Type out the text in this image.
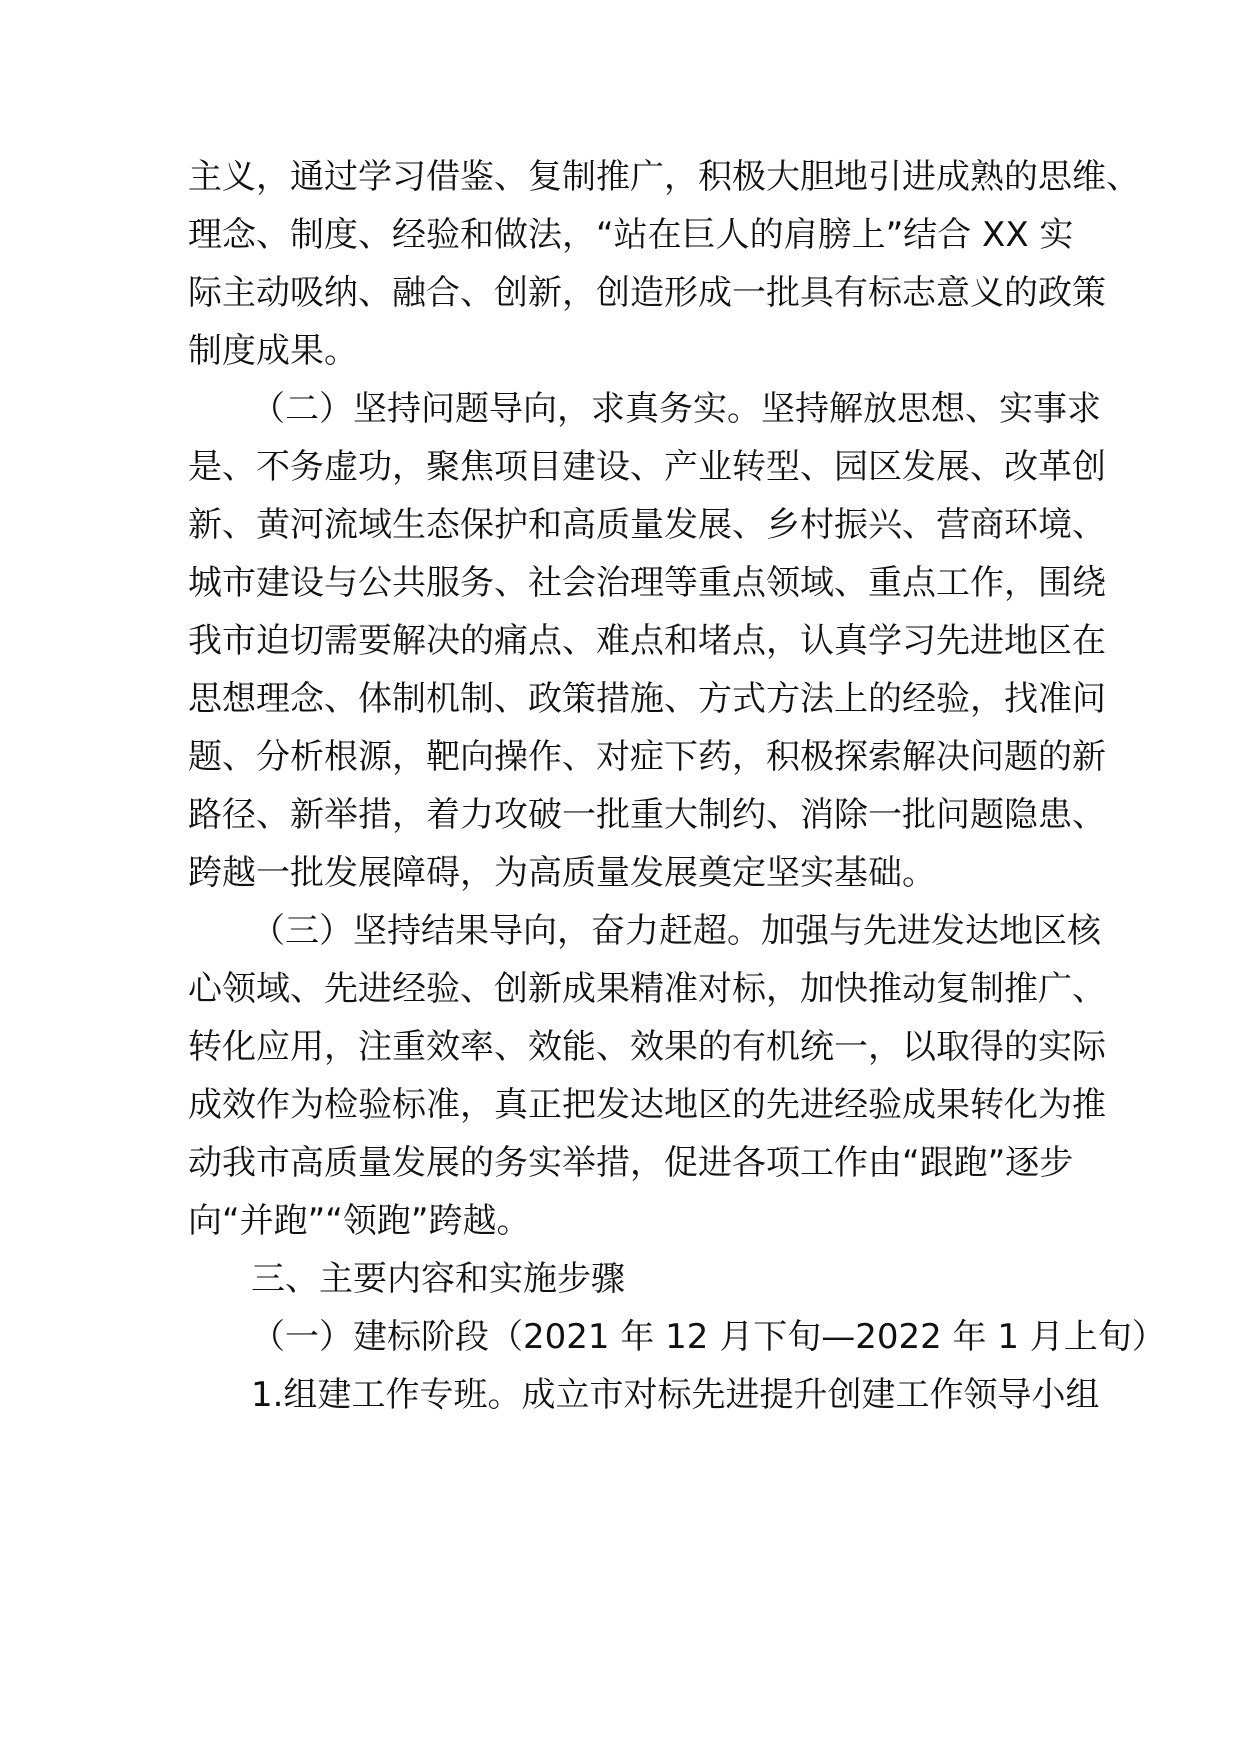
主义，通过学习借鉴、复制推广，积极大胆地引进成熟的思维、
理念、制度、经验和做法，“站在巨人的肩膀上”结合 XX 实
际主动吸纳、融合、创新，创造形成一批具有标志意义的政策
制度成果。
（二）坚持问题导向，求真务实。坚持解放思想、实事求
是、不务虚功，聚焦项目建设、产业转型、园区发展、改革创
新、黄河流域生态保护和高质量发展、乡村振兴、营商环境、
城市建设与公共服务、社会治理等重点领域、重点工作，围绕
我市迫切需要解决的痛点、难点和堵点，认真学习先进地区在
思想理念、体制机制、政策措施、方式方法上的经验，找准问
题、分析根源，靶向操作、对症下药，积极探索解决问题的新
路径、新举措，着力攻破一批重大制约、消除一批问题隐患、
跨越一批发展障碍，为高质量发展奠定坚实基础。
（三）坚持结果导向，奋力赶超。加强与先进发达地区核
心领域、先进经验、创新成果精准对标，加快推动复制推广、
转化应用，注重效率、效能、效果的有机统一，以取得的实际
成效作为检验标准，真正把发达地区的先进经验成果转化为推
动我市高质量发展的务实举措，促进各项工作由“跟跑”逐步
向“并跑”“领跑”跨越。
三、主要内容和实施步骤
（一）建标阶段（2021 年 12 月下旬—2022 年 1 月上旬）
1.组建工作专班。成立市对标先进提升创建工作领导小组
